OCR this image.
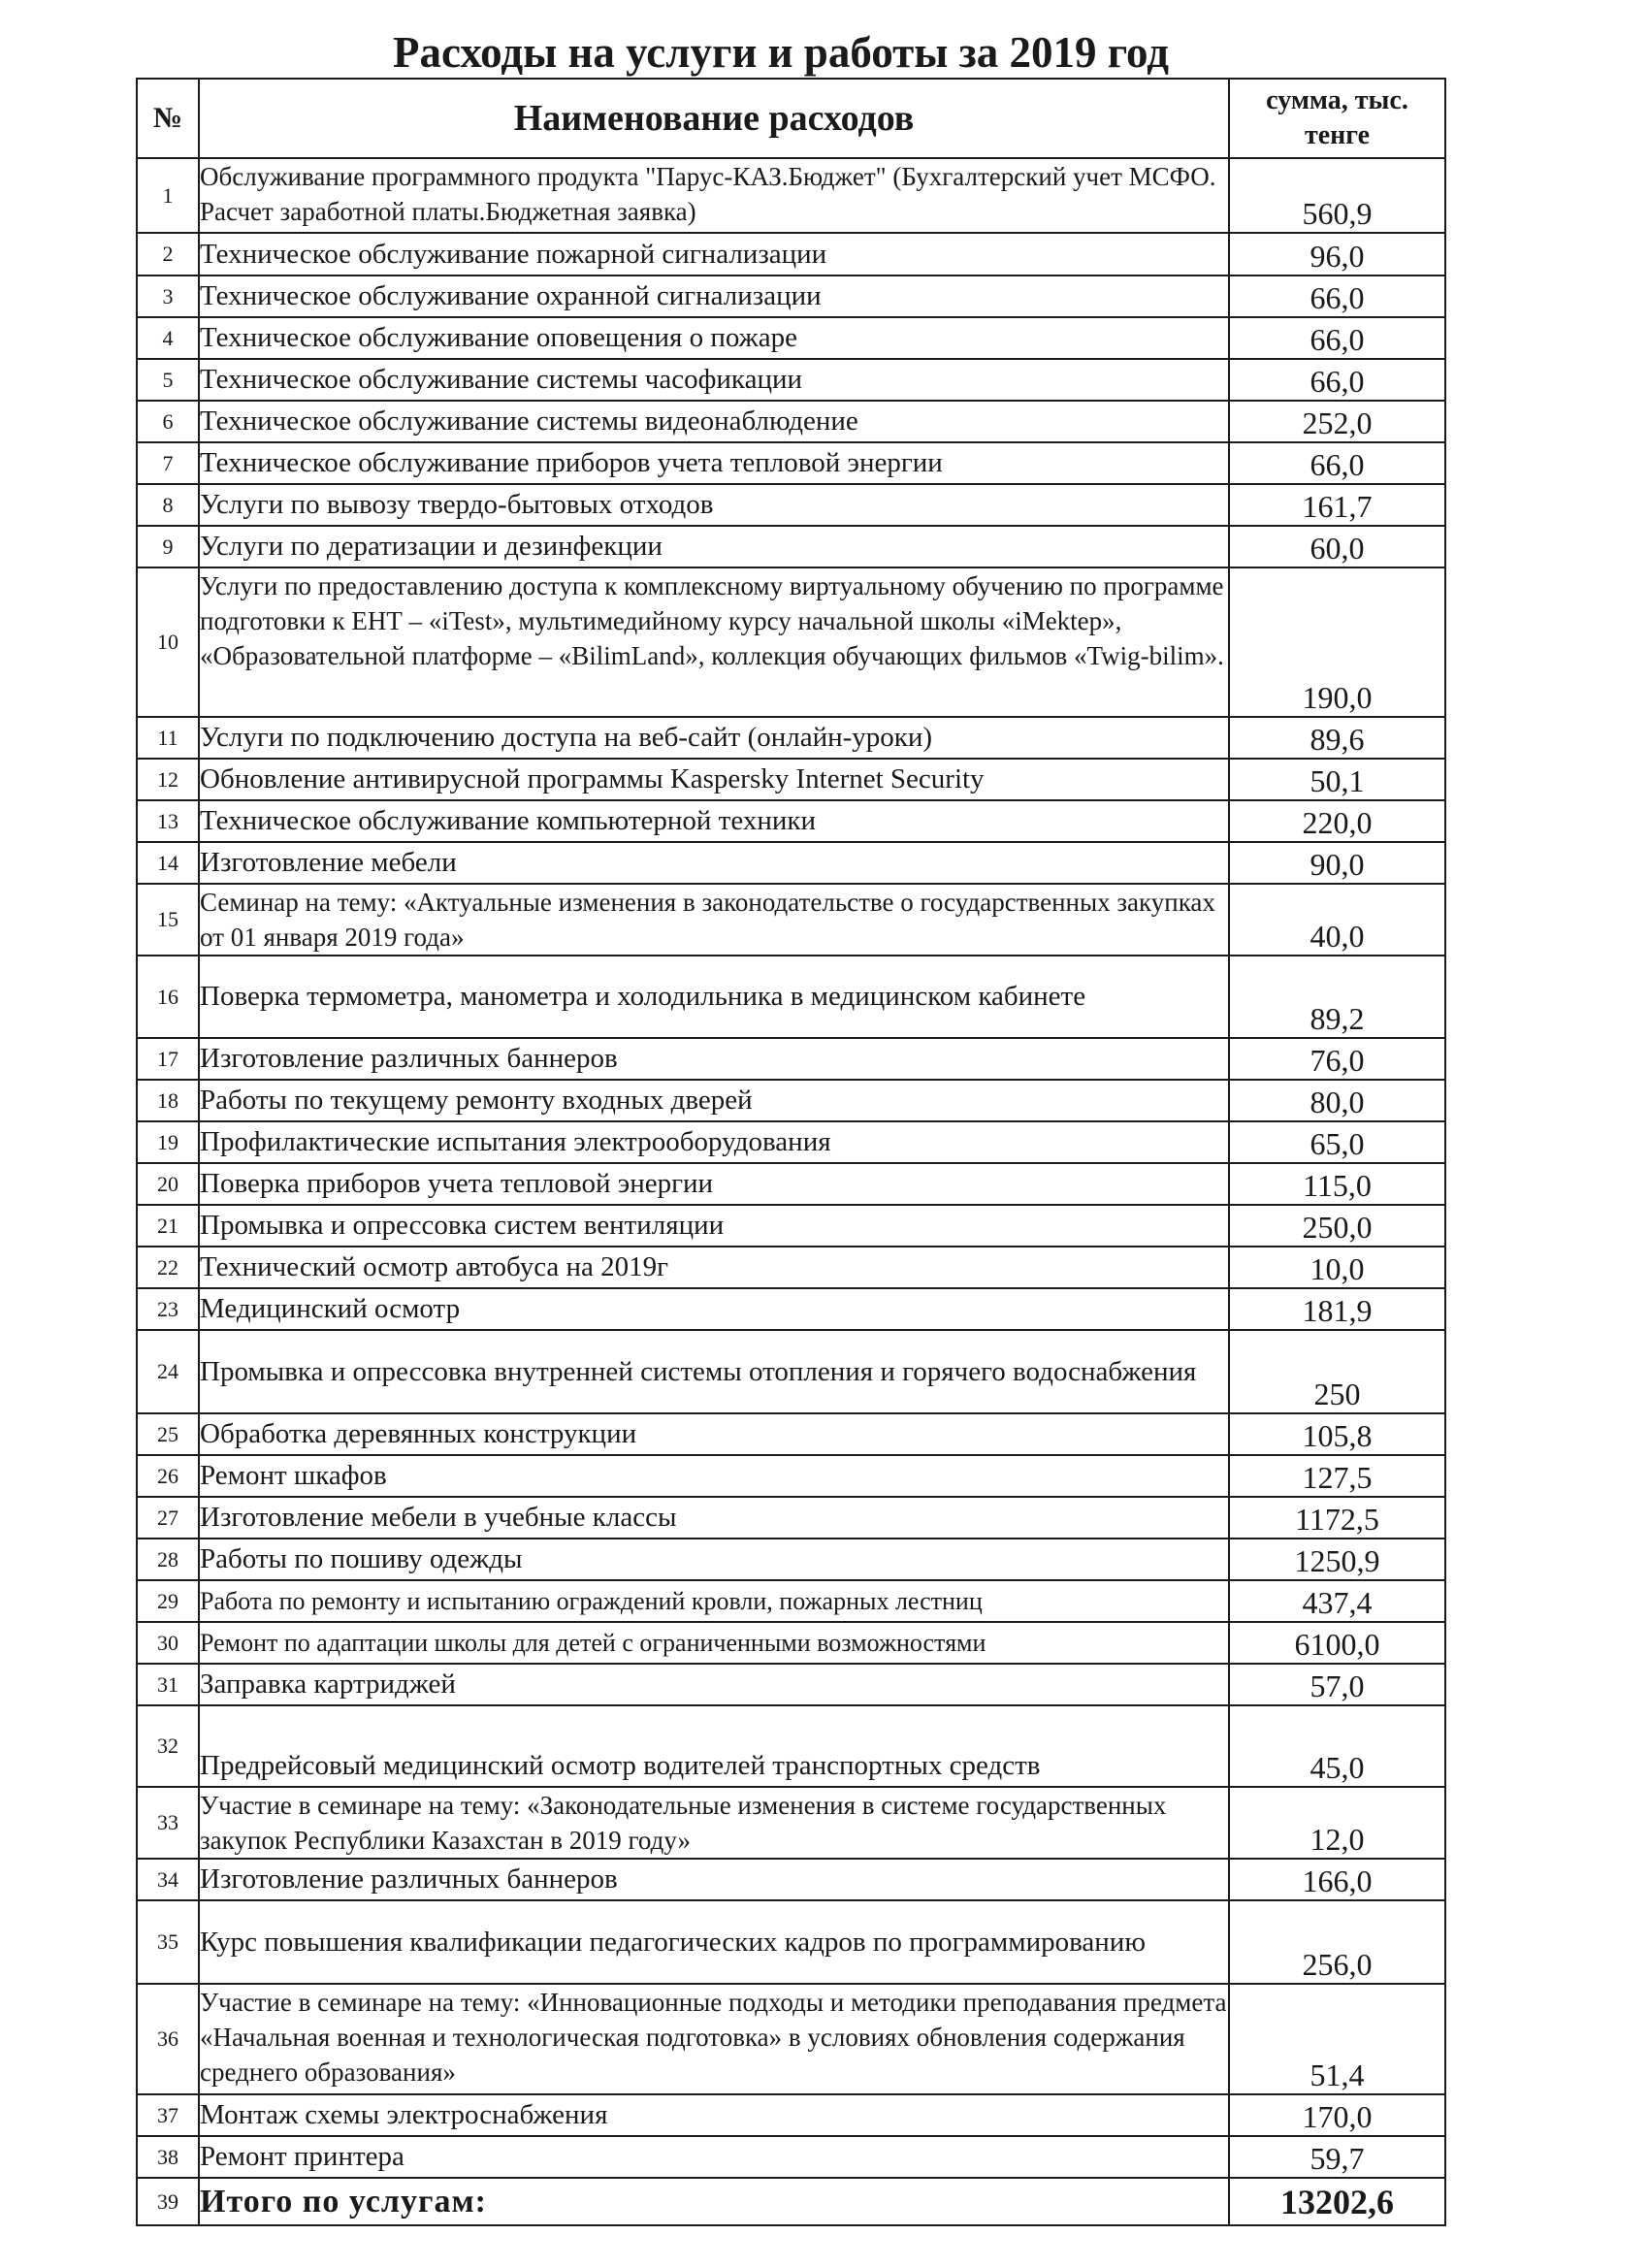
Расходы на услуги и работы за 2019 год
№	Наименование расходов	сумма, тыс.
тенге
1	Обслуживание программного продукта "Парус-КАЗ.Бюджет" (Бухгалтерский учет МСФО. Расчет заработной платы.Бюджетная заявка)	560,9
2	Техническое обслуживание пожарной сигнализации	96,0
3	Техническое обслуживание охранной сигнализации	66,0
4	Техническое обслуживание оповещения о пожаре	66,0
5	Техническое обслуживание системы часофикации	66,0
6	Техническое обслуживание системы видеонаблюдение	252,0
7	Техническое обслуживание приборов учета тепловой энергии	66,0
8	Услуги по вывозу твердо-бытовых отходов	161,7
9	Услуги по дератизации и дезинфекции	60,0
10	Услуги по предоставлению доступа к комплексному виртуальному обучению по программе подготовки к ЕНТ – «iTest», мультимедийному курсу начальной школы «iMektep», «Образовательной платформе – «BilimLand», коллекция обучающих фильмов «Twig-bilim».	190,0
11	Услуги по подключению доступа на веб-сайт (онлайн-уроки)	89,6
12	Обновление антивирусной программы Kaspersky Internet Security	50,1
13	Техническое обслуживание компьютерной техники	220,0
14	Изготовление мебели	90,0
15	Семинар на тему: «Актуальные изменения в законодательстве о государственных закупках от 01 января 2019 года»	40,0
16	Поверка термометра, манометра и холодильника в медицинском кабинете	89,2
17	Изготовление различных баннеров	76,0
18	Работы по текущему ремонту входных дверей	80,0
19	Профилактические испытания электрооборудования	65,0
20	Поверка приборов учета тепловой энергии	115,0
21	Промывка и опрессовка систем вентиляции	250,0
22	Технический осмотр автобуса на 2019г	10,0
23	Медицинский осмотр	181,9
24	Промывка и опрессовка внутренней системы отопления и горячего водоснабжения	250
25	Обработка деревянных конструкции	105,8
26	Ремонт шкафов	127,5
27	Изготовление мебели в учебные классы	1172,5
28	Работы по пошиву одежды	1250,9
29	Работа по ремонту и испытанию ограждений кровли, пожарных лестниц	437,4
30	Ремонт по адаптации школы для детей с ограниченными возможностями	6100,0
31	Заправка картриджей	57,0
32	Предрейсовый медицинский осмотр водителей транспортных средств	45,0
33	Участие в семинаре на тему: «Законодательные изменения в системе государственных закупок Республики Казахстан в 2019 году»	12,0
34	Изготовление различных баннеров	166,0
35	Курс повышения квалификации педагогических кадров по программированию	256,0
36	Участие в семинаре на тему: «Инновационные подходы и методики преподавания предмета «Начальная военная и технологическая подготовка» в условиях обновления содержания среднего образования»	51,4
37	Монтаж схемы электроснабжения	170,0
38	Ремонт принтера	59,7
39	Итого по услугам:	13202,6
